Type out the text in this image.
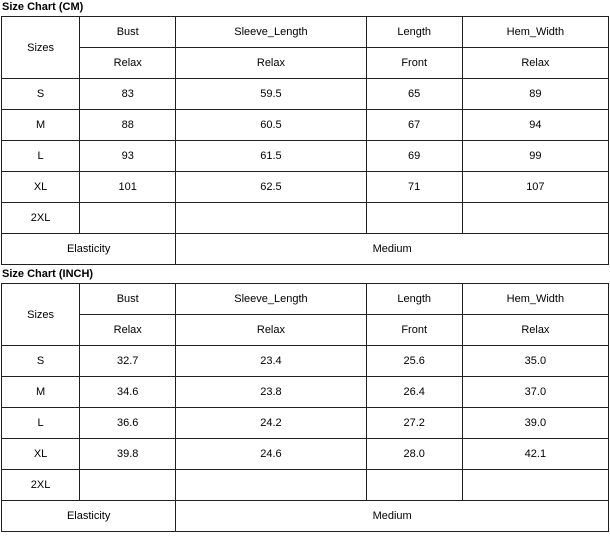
Size Chart (CM)
Sizes	Bust	Sleeve_Length	Length	Hem_Width
	Relax	Relax	Front	Relax
S	83	59.5	65	89
M	88	60.5	67	94
L	93	61.5	69	99
XL	101	62.5	71	107
2XL				
Elasticity		Medium		
Size Chart (INCH)
Sizes	Bust	Sleeve_Length	Length	Hem_Width
	Relax	Relax	Front	Relax
S	32.7	23.4	25.6	35.0
M	34.6	23.8	26.4	37.0
L	36.6	24.2	27.2	39.0
XL	39.8	24.6	28.0	42.1
2XL				
Elasticity		Medium		
